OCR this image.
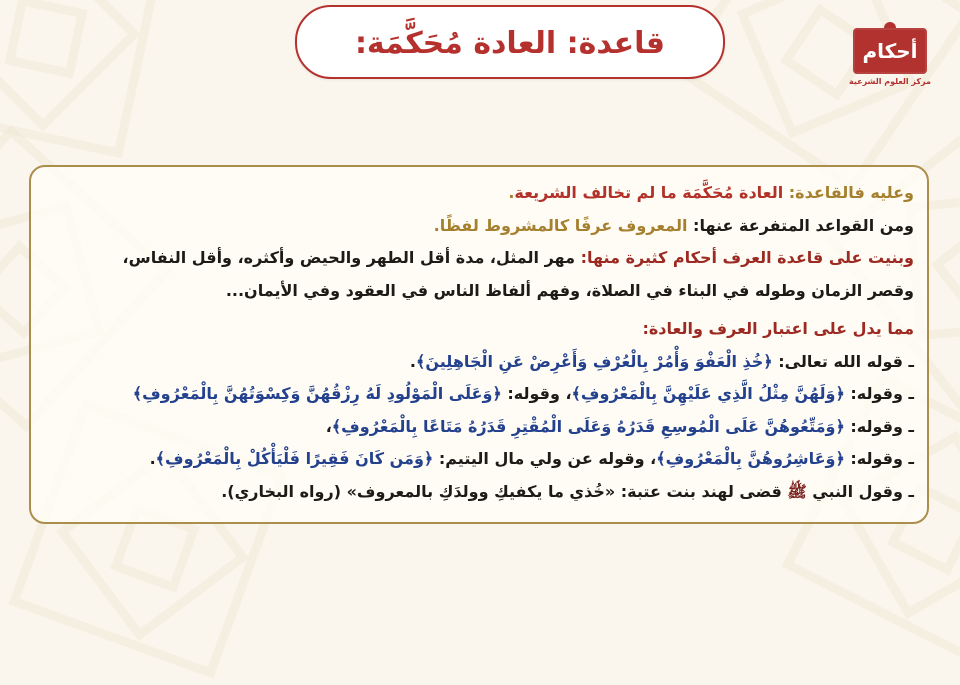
قاعدة: العادة مُحَكَّمَة:	أحكام
مركز العلوم الشرعية
وعليه فالقاعدة: العادة مُحَكَّمَة ما لم تخالف الشريعة.
ومن القواعد المتفرعة عنها: المعروف عرفًا كالمشروط لفظًا.
وبنيت على قاعدة العرف أحكام كثيرة منها: مهر المثل، مدة أقل الطهر والحيض وأكثره، وأقل النفاس،
وقصر الزمان وطوله في البناء في الصلاة، وفهم ألفاظ الناس في العقود وفي الأيمان...
مما يدل على اعتبار العرف والعادة:
ـ قوله الله تعالى: ﴿خُذِ الْعَفْوَ وَأْمُرْ بِالْعُرْفِ وَأَعْرِضْ عَنِ الْجَاهِلِينَ﴾.
ـ وقوله: ﴿وَلَهُنَّ مِثْلُ الَّذِي عَلَيْهِنَّ بِالْمَعْرُوفِ﴾، وقوله: ﴿وَعَلَى الْمَوْلُودِ لَهُ رِزْقُهُنَّ وَكِسْوَتُهُنَّ بِالْمَعْرُوفِ﴾
ـ وقوله: ﴿وَمَتِّعُوهُنَّ عَلَى الْمُوسِعِ قَدَرُهُ وَعَلَى الْمُقْتِرِ قَدَرُهُ مَتَاعًا بِالْمَعْرُوفِ﴾،
ـ وقوله: ﴿وَعَاشِرُوهُنَّ بِالْمَعْرُوفِ﴾، وقوله عن ولي مال اليتيم: ﴿وَمَن كَانَ فَقِيرًا فَلْيَأْكُلْ بِالْمَعْرُوفِ﴾.
ـ وقول النبي ﷺ قضى لهند بنت عتبة: «خُذي ما يكفيكِ وولدَكِ بالمعروف» (رواه البخاري).
